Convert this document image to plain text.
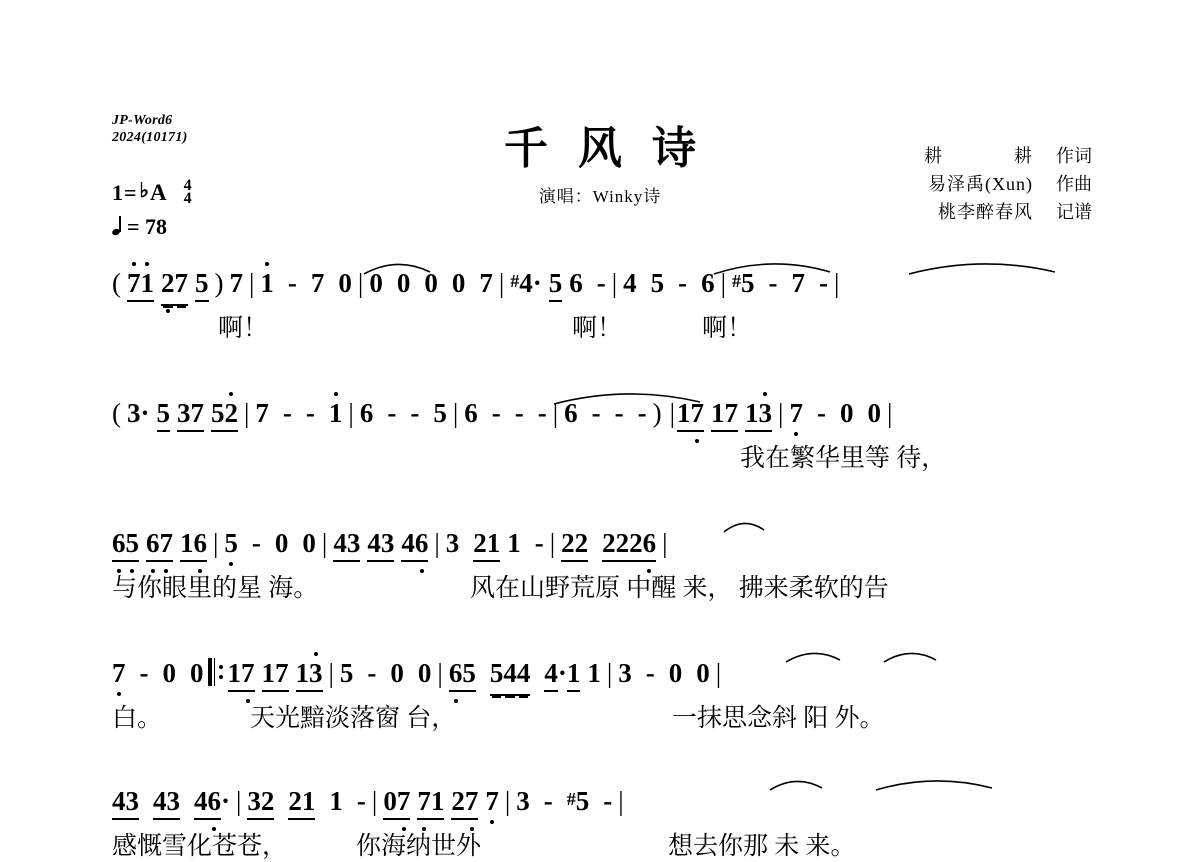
JP-Word6
2024(10171)	千风诗
演唱：Winky诗
耕	耕 作词
易泽禹(Xun) 作曲
桃李醉春风 记谱
1= ♭ A 4
4
= 78
( 71 27 5 ) 7 | 1 - 7 0 | 0 0 0 0 7 | #4· 5 6 - | 4 5 - 6 | #5 - 7 - |
啊！	啊！	啊！
( 3· 5 37 52 | 7 - - 1 | 6 - - 5 | 6 - - - | 6 - - - ) |17 17 13 | 7 - 0 0 |
我在繁华里等 待，
65 67 16 | 5 - 0 0 | 43 43 46 | 3 21 1 - | 22 2226 |
与你眼里的星 海。	风在山野荒原 中醒 来， 拂来柔软的告
7 - 0 0 17 17 13 | 5 - 0 0 | 65 544 4·1 1 | 3 - 0 0 |
白。	天光黯淡落窗 台，	一抹思念斜 阳 外。
43 43 46· | 32 21 1 - | 07 71 27 7 | 3 - #5 - |
感慨雪化苍苍，	你海纳世外	想去你那 未 来。
